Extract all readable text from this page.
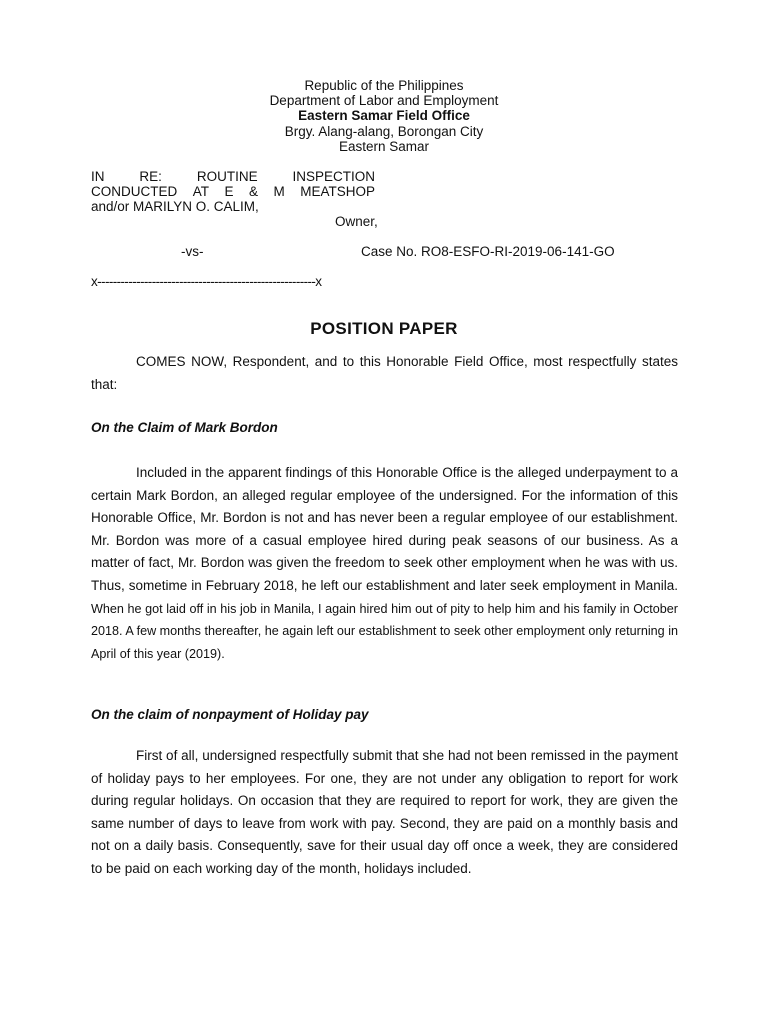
Republic of the Philippines
Department of Labor and Employment
Eastern Samar Field Office
Brgy. Alang-alang, Borongan City
Eastern Samar
IN	RE:	ROUTINE	INSPECTION
CONDUCTED AT E & M MEATSHOP
and/or MARILYN O. CALIM,
Owner,
-vs-	Case No. RO8-ESFO-RI-2019-06-141-GO
x--------------------------------------------------------x
POSITION PAPER
COMES NOW, Respondent, and to this Honorable Field Office, most respectfully states that:
On the Claim of Mark Bordon
Included in the apparent findings of this Honorable Office is the alleged underpayment to a certain Mark Bordon, an alleged regular employee of the undersigned. For the information of this Honorable Office, Mr. Bordon is not and has never been a regular employee of our establishment. Mr. Bordon was more of a casual employee hired during peak seasons of our business. As a matter of fact, Mr. Bordon was given the freedom to seek other employment when he was with us. Thus, sometime in February 2018, he left our establishment and later seek employment in Manila. When he got laid off in his job in Manila, I again hired him out of pity to help him and his family in October 2018. A few months thereafter, he again left our establishment to seek other employment only returning in April of this year (2019).
On the claim of nonpayment of Holiday pay
First of all, undersigned respectfully submit that she had not been remissed in the payment of holiday pays to her employees. For one, they are not under any obligation to report for work during regular holidays. On occasion that they are required to report for work, they are given the same number of days to leave from work with pay. Second, they are paid on a monthly basis and not on a daily basis. Consequently, save for their usual day off once a week, they are considered to be paid on each working day of the month, holidays included.
